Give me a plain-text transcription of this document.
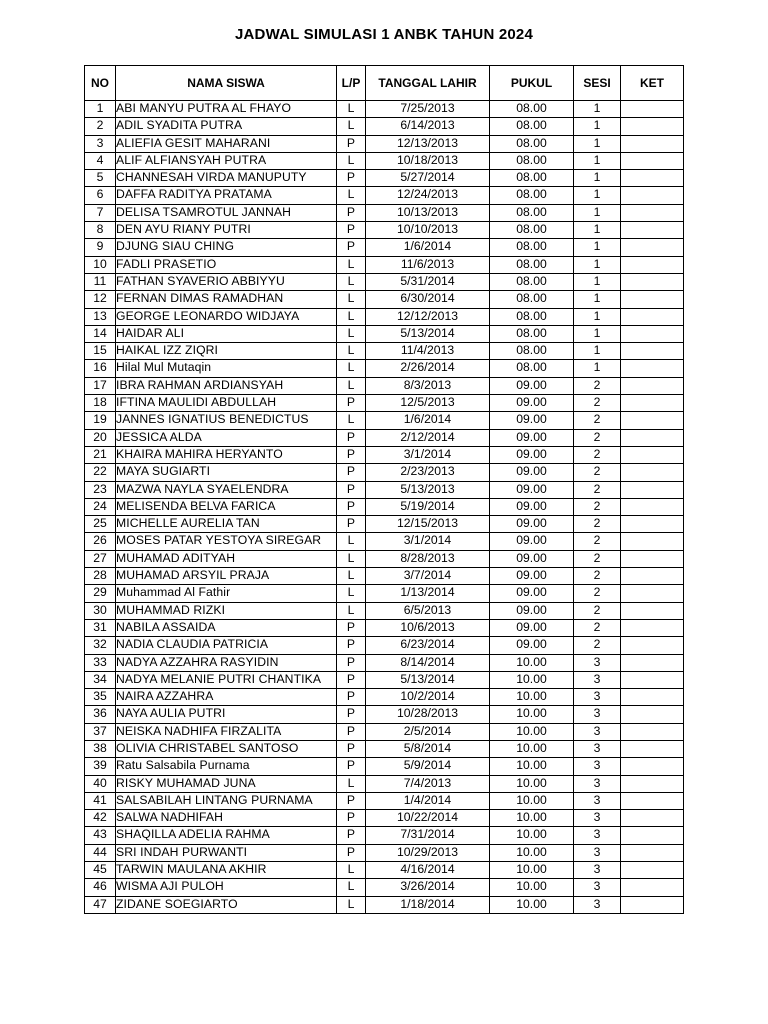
JADWAL SIMULASI 1 ANBK TAHUN 2024
NO	NAMA SISWA	L/P	TANGGAL LAHIR	PUKUL	SESI	KET
1	ABI MANYU PUTRA AL FHAYO	L	7/25/2013	08.00	1	
2	ADIL SYADITA PUTRA	L	6/14/2013	08.00	1	
3	ALIEFIA GESIT MAHARANI	P	12/13/2013	08.00	1	
4	ALIF ALFIANSYAH PUTRA	L	10/18/2013	08.00	1	
5	CHANNESAH VIRDA MANUPUTY	P	5/27/2014	08.00	1	
6	DAFFA RADITYA PRATAMA	L	12/24/2013	08.00	1	
7	DELISA TSAMROTUL JANNAH	P	10/13/2013	08.00	1	
8	DEN AYU RIANY PUTRI	P	10/10/2013	08.00	1	
9	DJUNG SIAU CHING	P	1/6/2014	08.00	1	
10	FADLI PRASETIO	L	11/6/2013	08.00	1	
11	FATHAN SYAVERIO ABBIYYU	L	5/31/2014	08.00	1	
12	FERNAN DIMAS RAMADHAN	L	6/30/2014	08.00	1	
13	GEORGE LEONARDO WIDJAYA	L	12/12/2013	08.00	1	
14	HAIDAR ALI	L	5/13/2014	08.00	1	
15	HAIKAL IZZ ZIQRI	L	11/4/2013	08.00	1	
16	Hilal Mul Mutaqin	L	2/26/2014	08.00	1	
17	IBRA RAHMAN ARDIANSYAH	L	8/3/2013	09.00	2	
18	IFTINA MAULIDI ABDULLAH	P	12/5/2013	09.00	2	
19	JANNES IGNATIUS BENEDICTUS	L	1/6/2014	09.00	2	
20	JESSICA ALDA	P	2/12/2014	09.00	2	
21	KHAIRA MAHIRA HERYANTO	P	3/1/2014	09.00	2	
22	MAYA SUGIARTI	P	2/23/2013	09.00	2	
23	MAZWA NAYLA SYAELENDRA	P	5/13/2013	09.00	2	
24	MELISENDA BELVA FARICA	P	5/19/2014	09.00	2	
25	MICHELLE AURELIA TAN	P	12/15/2013	09.00	2	
26	MOSES PATAR YESTOYA SIREGAR	L	3/1/2014	09.00	2	
27	MUHAMAD ADITYAH	L	8/28/2013	09.00	2	
28	MUHAMAD ARSYIL PRAJA	L	3/7/2014	09.00	2	
29	Muhammad Al Fathir	L	1/13/2014	09.00	2	
30	MUHAMMAD RIZKI	L	6/5/2013	09.00	2	
31	NABILA ASSAIDA	P	10/6/2013	09.00	2	
32	NADIA CLAUDIA PATRICIA	P	6/23/2014	09.00	2	
33	NADYA AZZAHRA RASYIDIN	P	8/14/2014	10.00	3	
34	NADYA MELANIE PUTRI CHANTIKA	P	5/13/2014	10.00	3	
35	NAIRA AZZAHRA	P	10/2/2014	10.00	3	
36	NAYA AULIA PUTRI	P	10/28/2013	10.00	3	
37	NEISKA NADHIFA FIRZALITA	P	2/5/2014	10.00	3	
38	OLIVIA CHRISTABEL SANTOSO	P	5/8/2014	10.00	3	
39	Ratu Salsabila Purnama	P	5/9/2014	10.00	3	
40	RISKY MUHAMAD JUNA	L	7/4/2013	10.00	3	
41	SALSABILAH LINTANG PURNAMA	P	1/4/2014	10.00	3	
42	SALWA NADHIFAH	P	10/22/2014	10.00	3	
43	SHAQILLA ADELIA RAHMA	P	7/31/2014	10.00	3	
44	SRI INDAH PURWANTI	P	10/29/2013	10.00	3	
45	TARWIN MAULANA AKHIR	L	4/16/2014	10.00	3	
46	WISMA AJI PULOH	L	3/26/2014	10.00	3	
47	ZIDANE SOEGIARTO	L	1/18/2014	10.00	3	
